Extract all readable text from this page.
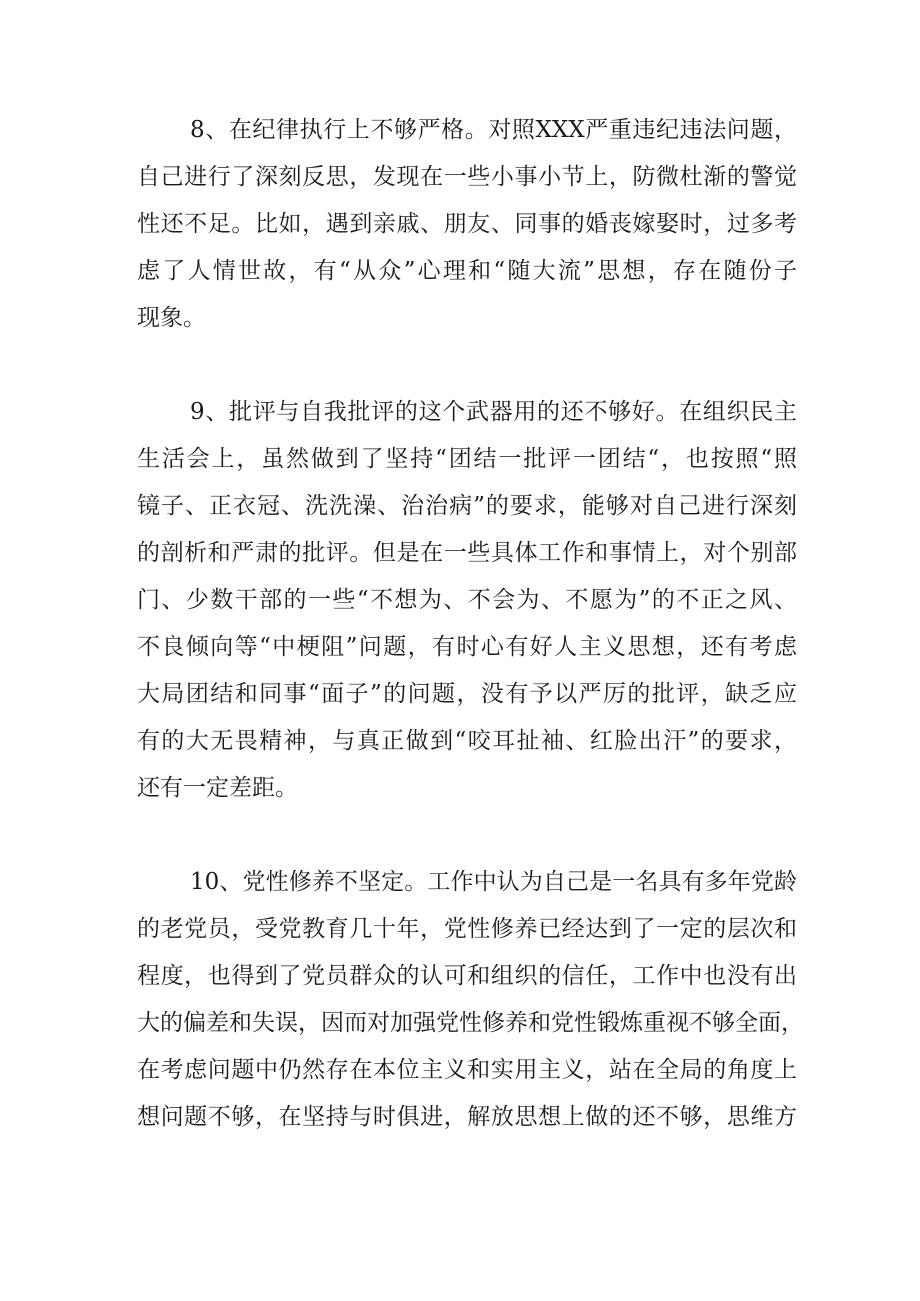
8、在纪律执行上不够严格。对照XXX严重违纪违法问题，
自己进行了深刻反思，发现在一些小事小节上，防微杜渐的警觉
性还不足。比如，遇到亲戚、朋友、同事的婚丧嫁娶时，过多考
虑了人情世故，有“从众”心理和“随大流”思想，存在随份子
现象。
9、批评与自我批评的这个武器用的还不够好。在组织民主
生活会上，虽然做到了坚持“团结一批评一团结“，也按照“照
镜子、正衣冠、洗洗澡、治治病”的要求，能够对自己进行深刻
的剖析和严肃的批评。但是在一些具体工作和事情上，对个别部
门、少数干部的一些“不想为、不会为、不愿为”的不正之风、
不良倾向等“中梗阻”问题，有时心有好人主义思想，还有考虑
大局团结和同事“面子”的问题，没有予以严厉的批评，缺乏应
有的大无畏精神，与真正做到“咬耳扯袖、红脸出汗”的要求，
还有一定差距。
10、党性修养不坚定。工作中认为自己是一名具有多年党龄
的老党员，受党教育几十年，党性修养已经达到了一定的层次和
程度，也得到了党员群众的认可和组织的信任，工作中也没有出
大的偏差和失误，因而对加强党性修养和党性锻炼重视不够全面，
在考虑问题中仍然存在本位主义和实用主义，站在全局的角度上
想问题不够，在坚持与时俱进，解放思想上做的还不够，思维方
